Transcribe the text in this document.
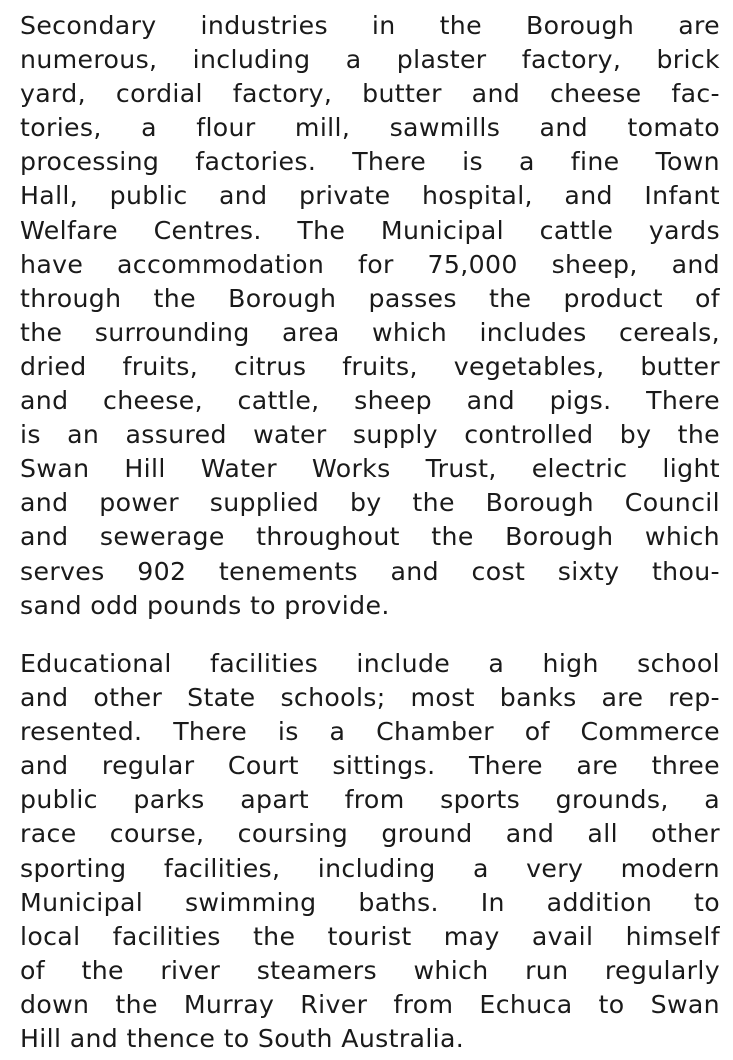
Secondary industries in the Borough are
numerous, including a plaster factory, brick
yard, cordial factory, butter and cheese fac-
tories, a flour mill, sawmills and tomato
processing factories. There is a fine Town
Hall, public and private hospital, and Infant
Welfare Centres. The Municipal cattle yards
have accommodation for 75,000 sheep, and
through the Borough passes the product of
the surrounding area which includes cereals,
dried fruits, citrus fruits, vegetables, butter
and cheese, cattle, sheep and pigs. There
is an assured water supply controlled by the
Swan Hill Water Works Trust, electric light
and power supplied by the Borough Council
and sewerage throughout the Borough which
serves 902 tenements and cost sixty thou-
sand odd pounds to provide.
Educational facilities include a high school
and other State schools; most banks are rep-
resented. There is a Chamber of Commerce
and regular Court sittings. There are three
public parks apart from sports grounds, a
race course, coursing ground and all other
sporting facilities, including a very modern
Municipal swimming baths. In addition to
local facilities the tourist may avail himself
of the river steamers which run regularly
down the Murray River from Echuca to Swan
Hill and thence to South Australia.
